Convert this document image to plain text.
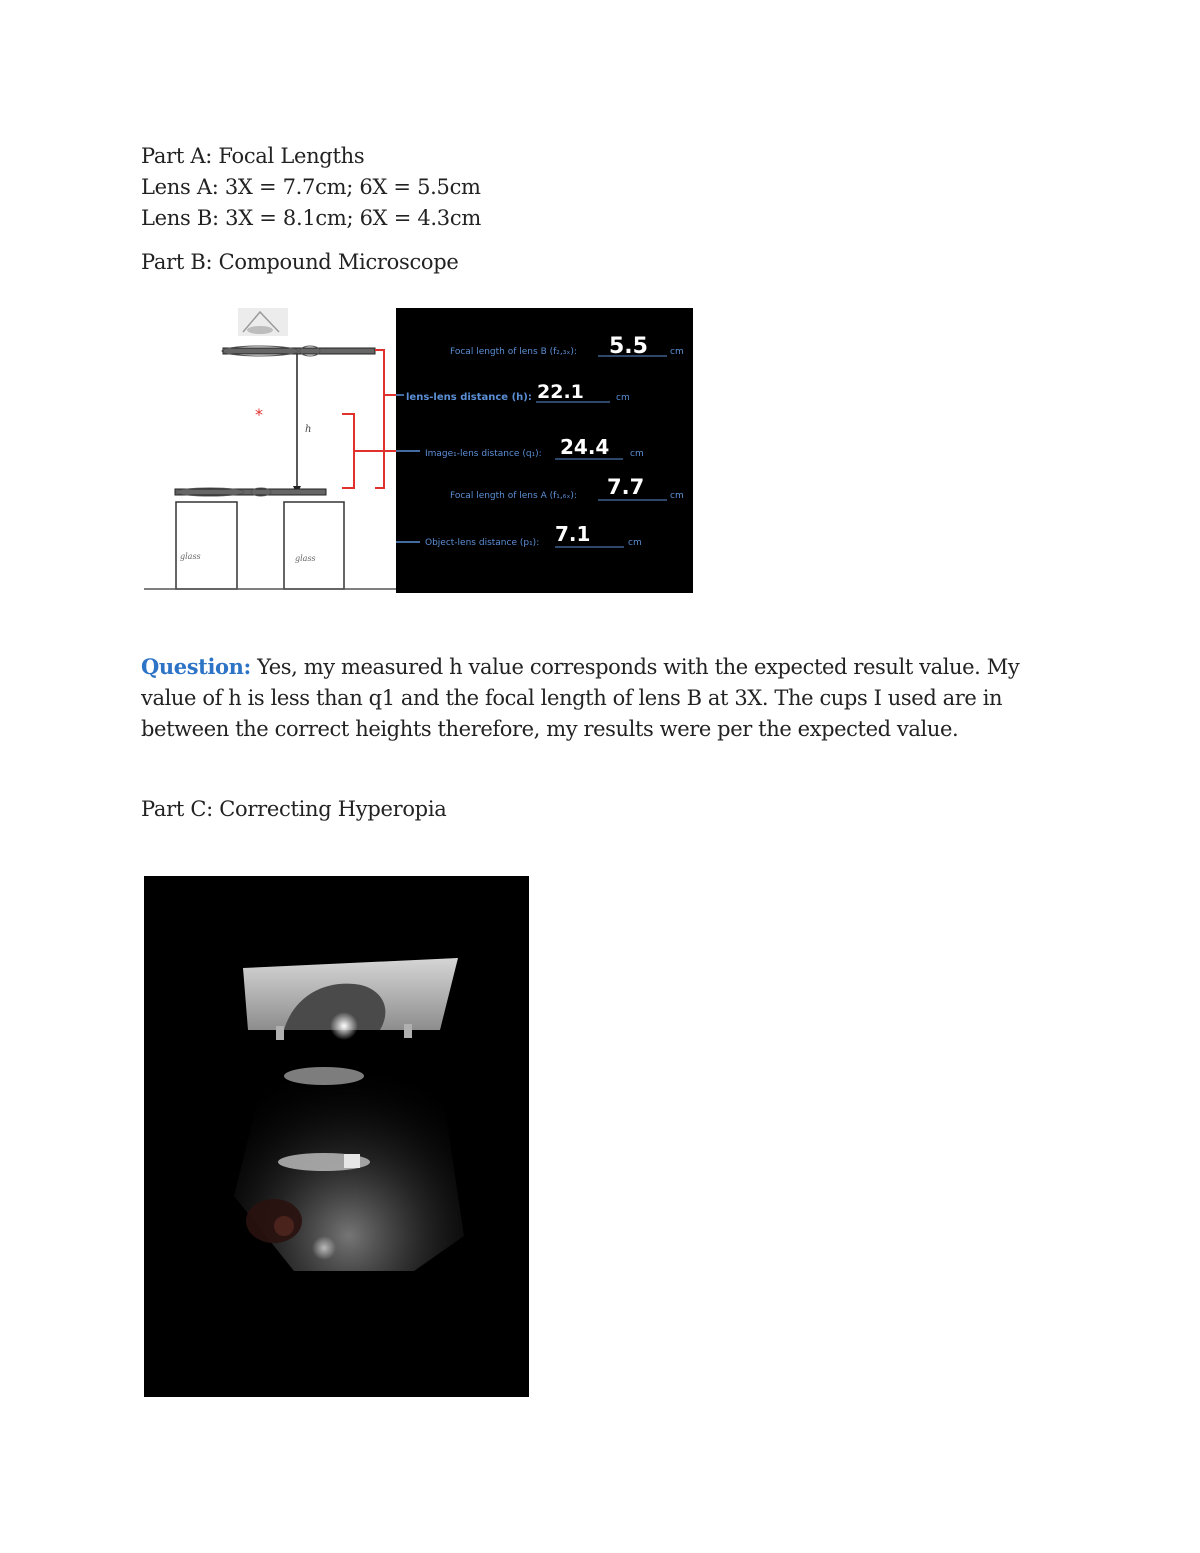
Part A: Focal Lengths
Lens A: 3X = 7.7cm; 6X = 5.5cm
Lens B: 3X = 8.1cm; 6X = 4.3cm
Part B: Compound Microscope
h
*
glass	glass
Focal length of lens B (f₂,₃ₓ): 5.5 cm
lens-lens distance (h): 22.1	cm
Image₁-lens distance (q₁): 24.4 cm
Focal length of lens A (f₁,₆ₓ): 7.7	cm
Object-lens distance (p₁): 7.1	cm
Question: Yes, my measured h value corresponds with the expected result value. My value of h is less than q1 and the focal length of lens B at 3X. The cups I used are in between the correct heights therefore, my results were per the expected value.
Part C: Correcting Hyperopia
